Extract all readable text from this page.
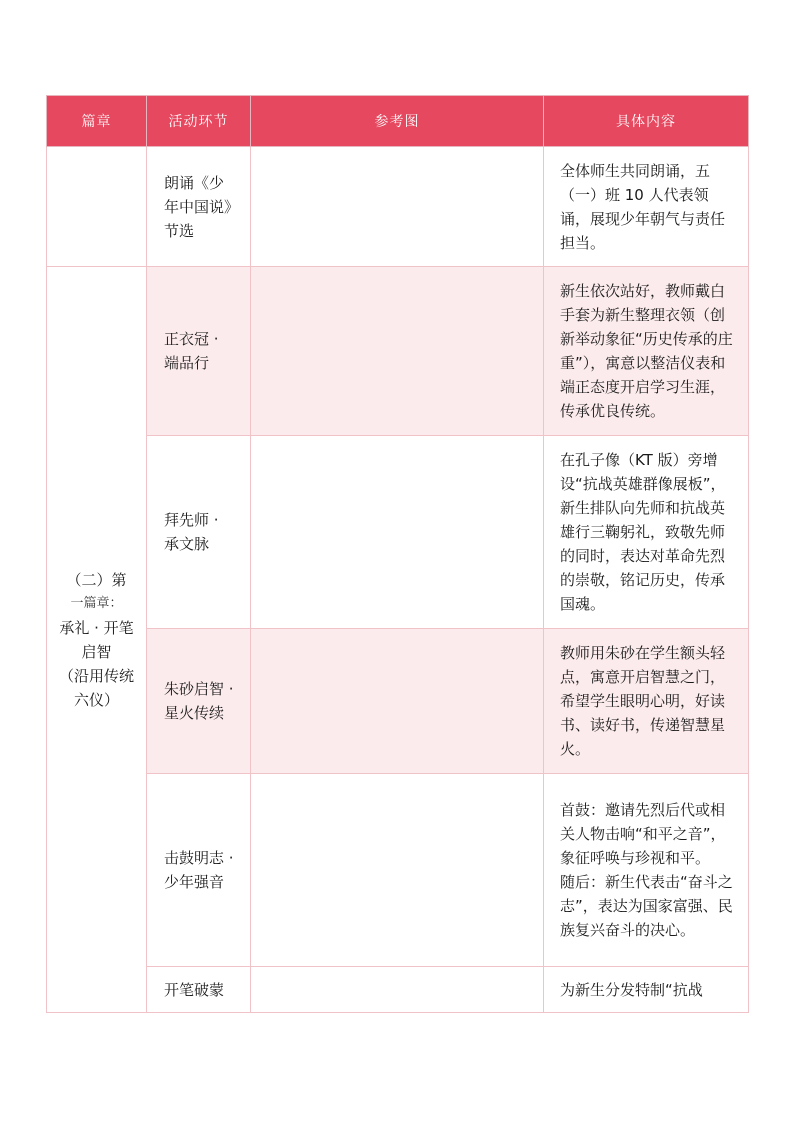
篇章	活动环节	参考图	具体内容
	朗诵《少年中国说》节选		全体师生共同朗诵，五（一）班 10 人代表领诵，展现少年朝气与责任担当。

（二）第
一篇章：
承礼 · 开笔启智
（沿用传统六仪）	正衣冠 · 端品行		新生依次站好，教师戴白手套为新生整理衣领（创新举动象征“历史传承的庄重”），寓意以整洁仪表和端正态度开启学习生涯，传承优良传统。
	拜先师 · 承文脉		在孔子像（KT 版）旁增设“抗战英雄群像展板”，新生排队向先师和抗战英雄行三鞠躬礼，致敬先师的同时，表达对革命先烈的崇敬，铭记历史，传承国魂。
	朱砂启智 · 星火传续		教师用朱砂在学生额头轻点，寓意开启智慧之门，希望学生眼明心明，好读书、读好书，传递智慧星火。
	击鼓明志 · 少年强音		首鼓：邀请先烈后代或相关人物击响“和平之音”，象征呼唤与珍视和平。
随后：新生代表击“奋斗之志”，表达为国家富强、民族复兴奋斗的决心。

	开笔破蒙		为新生分发特制“抗战
